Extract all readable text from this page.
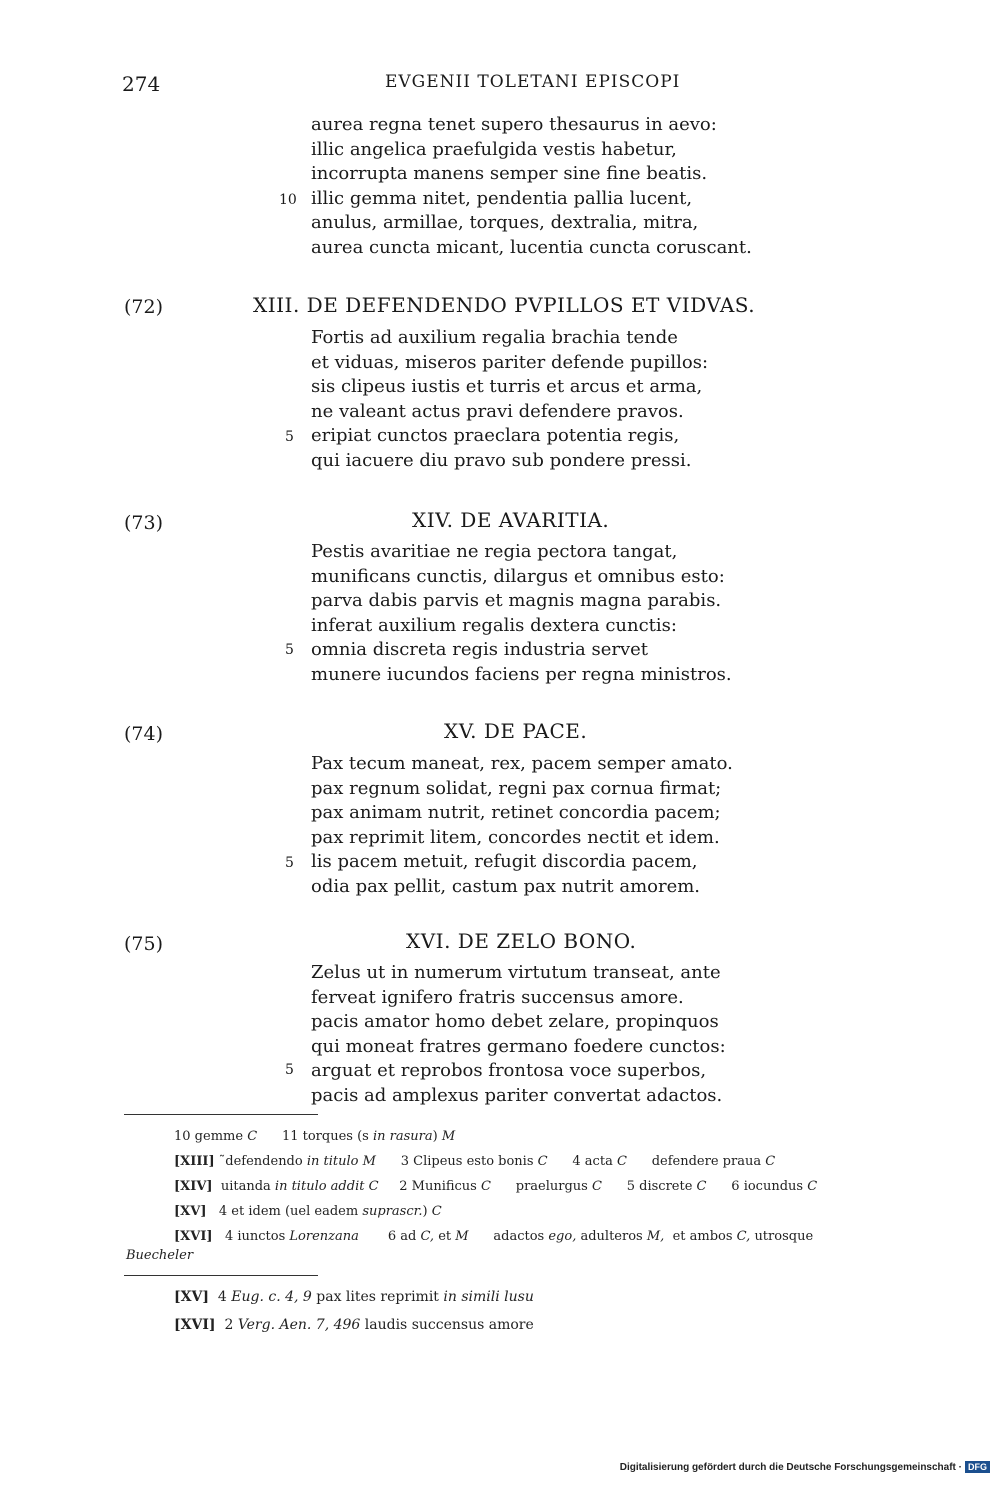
274	EVGENII TOLETANI EPISCOPI
aurea regna tenet supero thesaurus in aevo:
illic angelica praefulgida vestis habetur,
incorrupta manens semper sine fine beatis.
illic gemma nitet, pendentia pallia lucent,
anulus, armillae, torques, dextralia, mitra,
aurea cuncta micant, lucentia cuncta coruscant.
10
(72)	XIII. DE DEFENDENDO PVPILLOS ET VIDVAS.
Fortis ad auxilium regalia brachia tende
et viduas, miseros pariter defende pupillos:
sis clipeus iustis et turris et arcus et arma,
ne valeant actus pravi defendere pravos.
eripiat cunctos praeclara potentia regis,
qui iacuere diu pravo sub pondere pressi.
5
(73)	XIV. DE AVARITIA.
Pestis avaritiae ne regia pectora tangat,
munificans cunctis, dilargus et omnibus esto:
parva dabis parvis et magnis magna parabis.
inferat auxilium regalis dextera cunctis:
omnia discreta regis industria servet
munere iucundos faciens per regna ministros.
5
(74)	XV. DE PACE.
Pax tecum maneat, rex, pacem semper amato.
pax regnum solidat, regni pax cornua firmat;
pax animam nutrit, retinet concordia pacem;
pax reprimit litem, concordes nectit et idem.
lis pacem metuit, refugit discordia pacem,
odia pax pellit, castum pax nutrit amorem.
5
(75)	XVI. DE ZELO BONO.
Zelus ut in numerum virtutum transeat, ante
ferveat ignifero fratris succensus amore.
pacis amator homo debet zelare, propinquos
qui moneat fratres germano foedere cunctos:
arguat et reprobos frontosa voce superbos,
pacis ad amplexus pariter convertat adactos.
5
10 gemme C 11 torques (s in rasura) M
[XIII] ˜defendendo in titulo M 3 Clipeus esto bonis C 4 acta C defendere praua C
[XIV] uitanda in titulo addit C 2 Munificus C praelurgus C 5 discrete C 6 iocundus C
[XV] 4 et idem (uel eadem suprascr.) C
[XVI] 4 iunctos Lorenzana 6 ad C, et M adactos ego, adulteros M, et ambos C, utrosque
Buecheler
[XV] 4 Eug. c. 4, 9 pax lites reprimit in simili lusu
[XVI] 2 Verg. Aen. 7, 496 laudis succensus amore
Digitalisierung gefördert durch die Deutsche Forschungsgemeinschaft · DFG
